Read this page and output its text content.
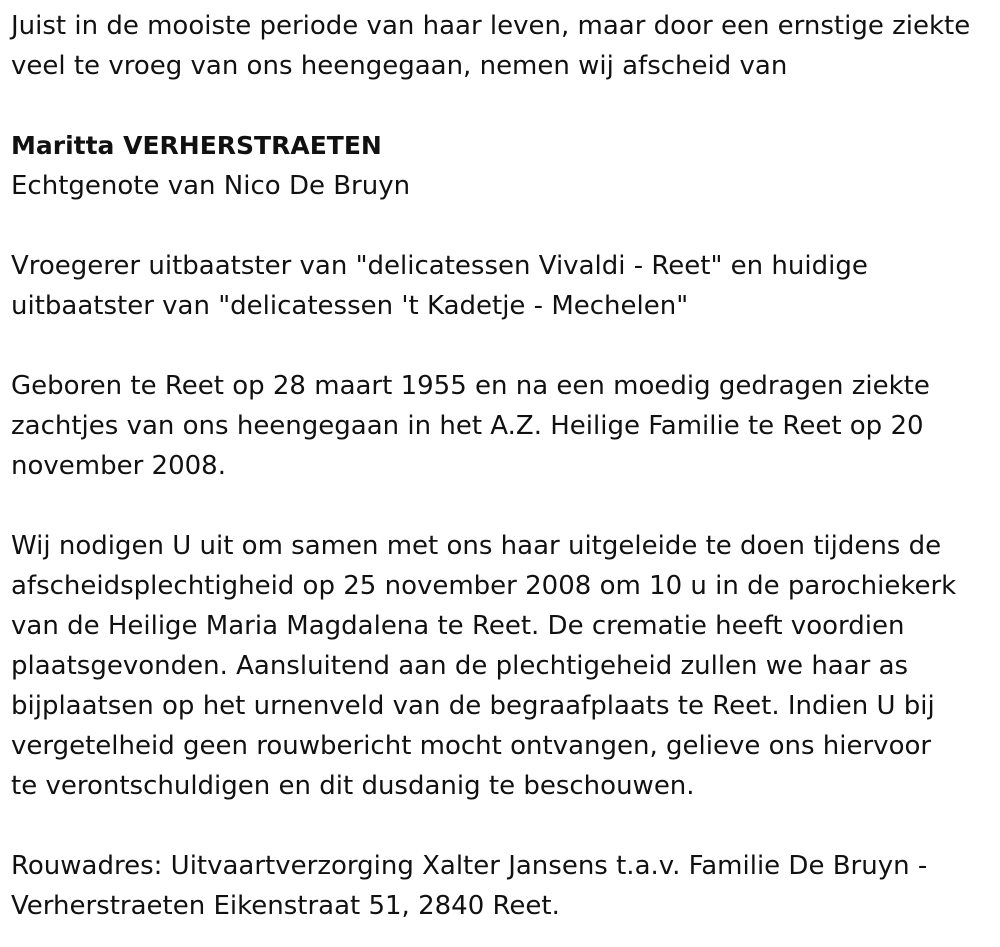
Juist in de mooiste periode van haar leven, maar door een ernstige ziekte

veel te vroeg van ons heengegaan, nemen wij afscheid van

Maritta VERHERSTRAETEN

Echtgenote van Nico De Bruyn

Vroegerer uitbaatster van "delicatessen Vivaldi - Reet" en huidige

uitbaatster van "delicatessen 't Kadetje - Mechelen"

Geboren te Reet op 28 maart 1955 en na een moedig gedragen ziekte

zachtjes van ons heengegaan in het A.Z. Heilige Familie te Reet op 20

november 2008.

Wij nodigen U uit om samen met ons haar uitgeleide te doen tijdens de

afscheidsplechtigheid op 25 november 2008 om 10 u in de parochiekerk

van de Heilige Maria Magdalena te Reet. De crematie heeft voordien

plaatsgevonden. Aansluitend aan de plechtigeheid zullen we haar as

bijplaatsen op het urnenveld van de begraafplaats te Reet. Indien U bij

vergetelheid geen rouwbericht mocht ontvangen, gelieve ons hiervoor

te verontschuldigen en dit dusdanig te beschouwen.

Rouwadres: Uitvaartverzorging Xalter Jansens t.a.v. Familie De Bruyn -

Verherstraeten Eikenstraat 51, 2840 Reet.
